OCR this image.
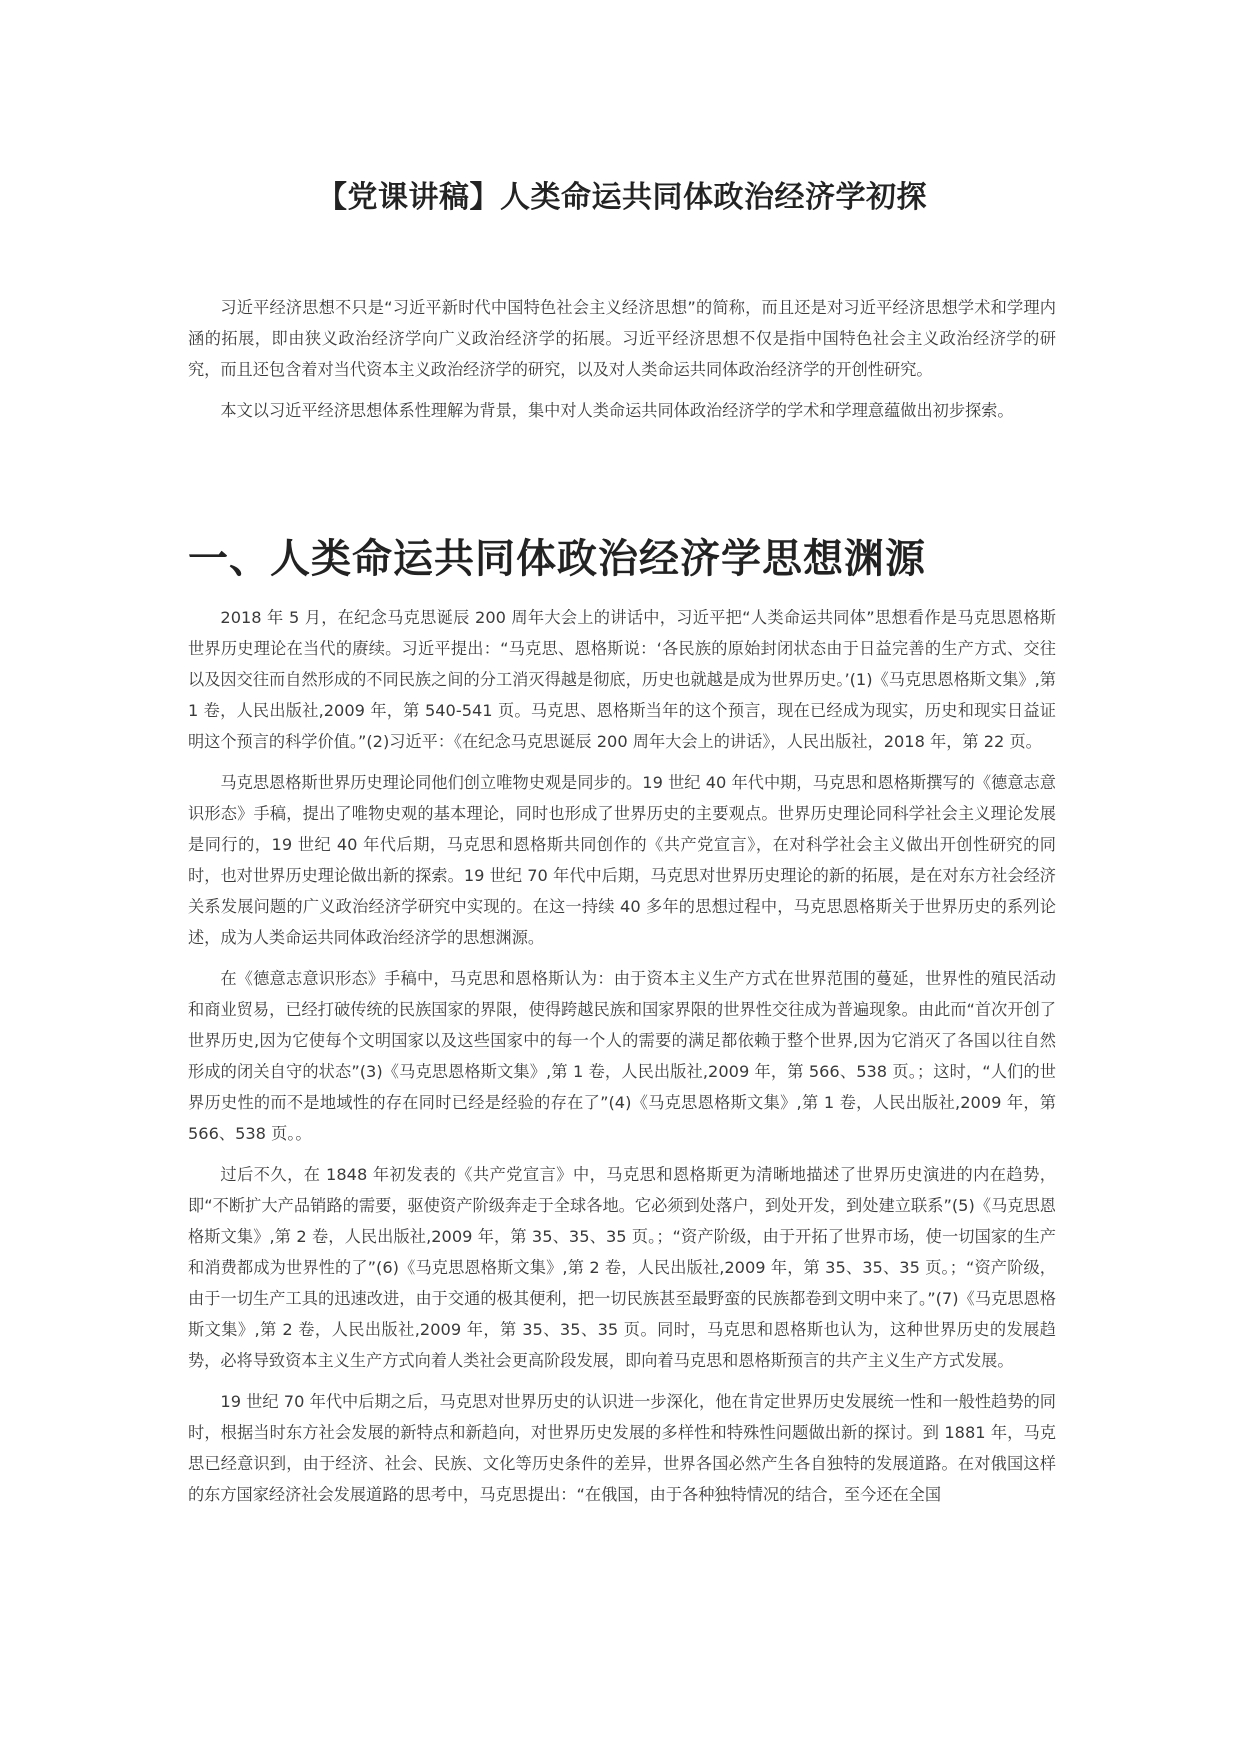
【党课讲稿】人类命运共同体政治经济学初探

习近平经济思想不只是“习近平新时代中国特色社会主义经济思想”的简称，而且还是对习近平经济思想学术和学理内涵的拓展，即由狭义政治经济学向广义政治经济学的拓展。习近平经济思想不仅是指中国特色社会主义政治经济学的研究，而且还包含着对当代资本主义政治经济学的研究，以及对人类命运共同体政治经济学的开创性研究。

本文以习近平经济思想体系性理解为背景，集中对人类命运共同体政治经济学的学术和学理意蕴做出初步探索。

一、人类命运共同体政治经济学思想渊源

2018 年 5 月，在纪念马克思诞辰 200 周年大会上的讲话中，习近平把“人类命运共同体”思想看作是马克思恩格斯世界历史理论在当代的赓续。习近平提出：“马克思、恩格斯说：‘各民族的原始封闭状态由于日益完善的生产方式、交往以及因交往而自然形成的不同民族之间的分工消灭得越是彻底，历史也就越是成为世界历史。’(1)《马克思恩格斯文集》,第 1 卷，人民出版社,2009 年，第 540-541 页。马克思、恩格斯当年的这个预言，现在已经成为现实，历史和现实日益证明这个预言的科学价值。”(2)习近平：《在纪念马克思诞辰 200 周年大会上的讲话》，人民出版社，2018 年，第 22 页。

马克思恩格斯世界历史理论同他们创立唯物史观是同步的。19 世纪 40 年代中期，马克思和恩格斯撰写的《德意志意识形态》手稿，提出了唯物史观的基本理论，同时也形成了世界历史的主要观点。世界历史理论同科学社会主义理论发展是同行的，19 世纪 40 年代后期，马克思和恩格斯共同创作的《共产党宣言》，在对科学社会主义做出开创性研究的同时，也对世界历史理论做出新的探索。19 世纪 70 年代中后期，马克思对世界历史理论的新的拓展，是在对东方社会经济关系发展问题的广义政治经济学研究中实现的。在这一持续 40 多年的思想过程中，马克思恩格斯关于世界历史的系列论述，成为人类命运共同体政治经济学的思想渊源。

在《德意志意识形态》手稿中，马克思和恩格斯认为：由于资本主义生产方式在世界范围的蔓延，世界性的殖民活动和商业贸易，已经打破传统的民族国家的界限，使得跨越民族和国家界限的世界性交往成为普遍现象。由此而“首次开创了世界历史,因为它使每个文明国家以及这些国家中的每一个人的需要的满足都依赖于整个世界,因为它消灭了各国以往自然形成的闭关自守的状态”(3)《马克思恩格斯文集》,第 1 卷，人民出版社,2009 年，第 566、538 页。；这时，“人们的世界历史性的而不是地域性的存在同时已经是经验的存在了”(4)《马克思恩格斯文集》,第 1 卷，人民出版社,2009 年，第 566、538 页。。

过后不久，在 1848 年初发表的《共产党宣言》中，马克思和恩格斯更为清晰地描述了世界历史演进的内在趋势，即“不断扩大产品销路的需要，驱使资产阶级奔走于全球各地。它必须到处落户，到处开发，到处建立联系”(5)《马克思恩格斯文集》,第 2 卷，人民出版社,2009 年，第 35、35、35 页。；“资产阶级，由于开拓了世界市场，使一切国家的生产和消费都成为世界性的了”(6)《马克思恩格斯文集》,第 2 卷，人民出版社,2009 年，第 35、35、35 页。；“资产阶级，由于一切生产工具的迅速改进，由于交通的极其便利，把一切民族甚至最野蛮的民族都卷到文明中来了。”(7)《马克思恩格斯文集》,第 2 卷，人民出版社,2009 年，第 35、35、35 页。同时，马克思和恩格斯也认为，这种世界历史的发展趋势，必将导致资本主义生产方式向着人类社会更高阶段发展，即向着马克思和恩格斯预言的共产主义生产方式发展。

19 世纪 70 年代中后期之后，马克思对世界历史的认识进一步深化，他在肯定世界历史发展统一性和一般性趋势的同时，根据当时东方社会发展的新特点和新趋向，对世界历史发展的多样性和特殊性问题做出新的探讨。到 1881 年，马克思已经意识到，由于经济、社会、民族、文化等历史条件的差异，世界各国必然产生各自独特的发展道路。在对俄国这样的东方国家经济社会发展道路的思考中，马克思提出：“在俄国，由于各种独特情况的结合，至今还在全国
